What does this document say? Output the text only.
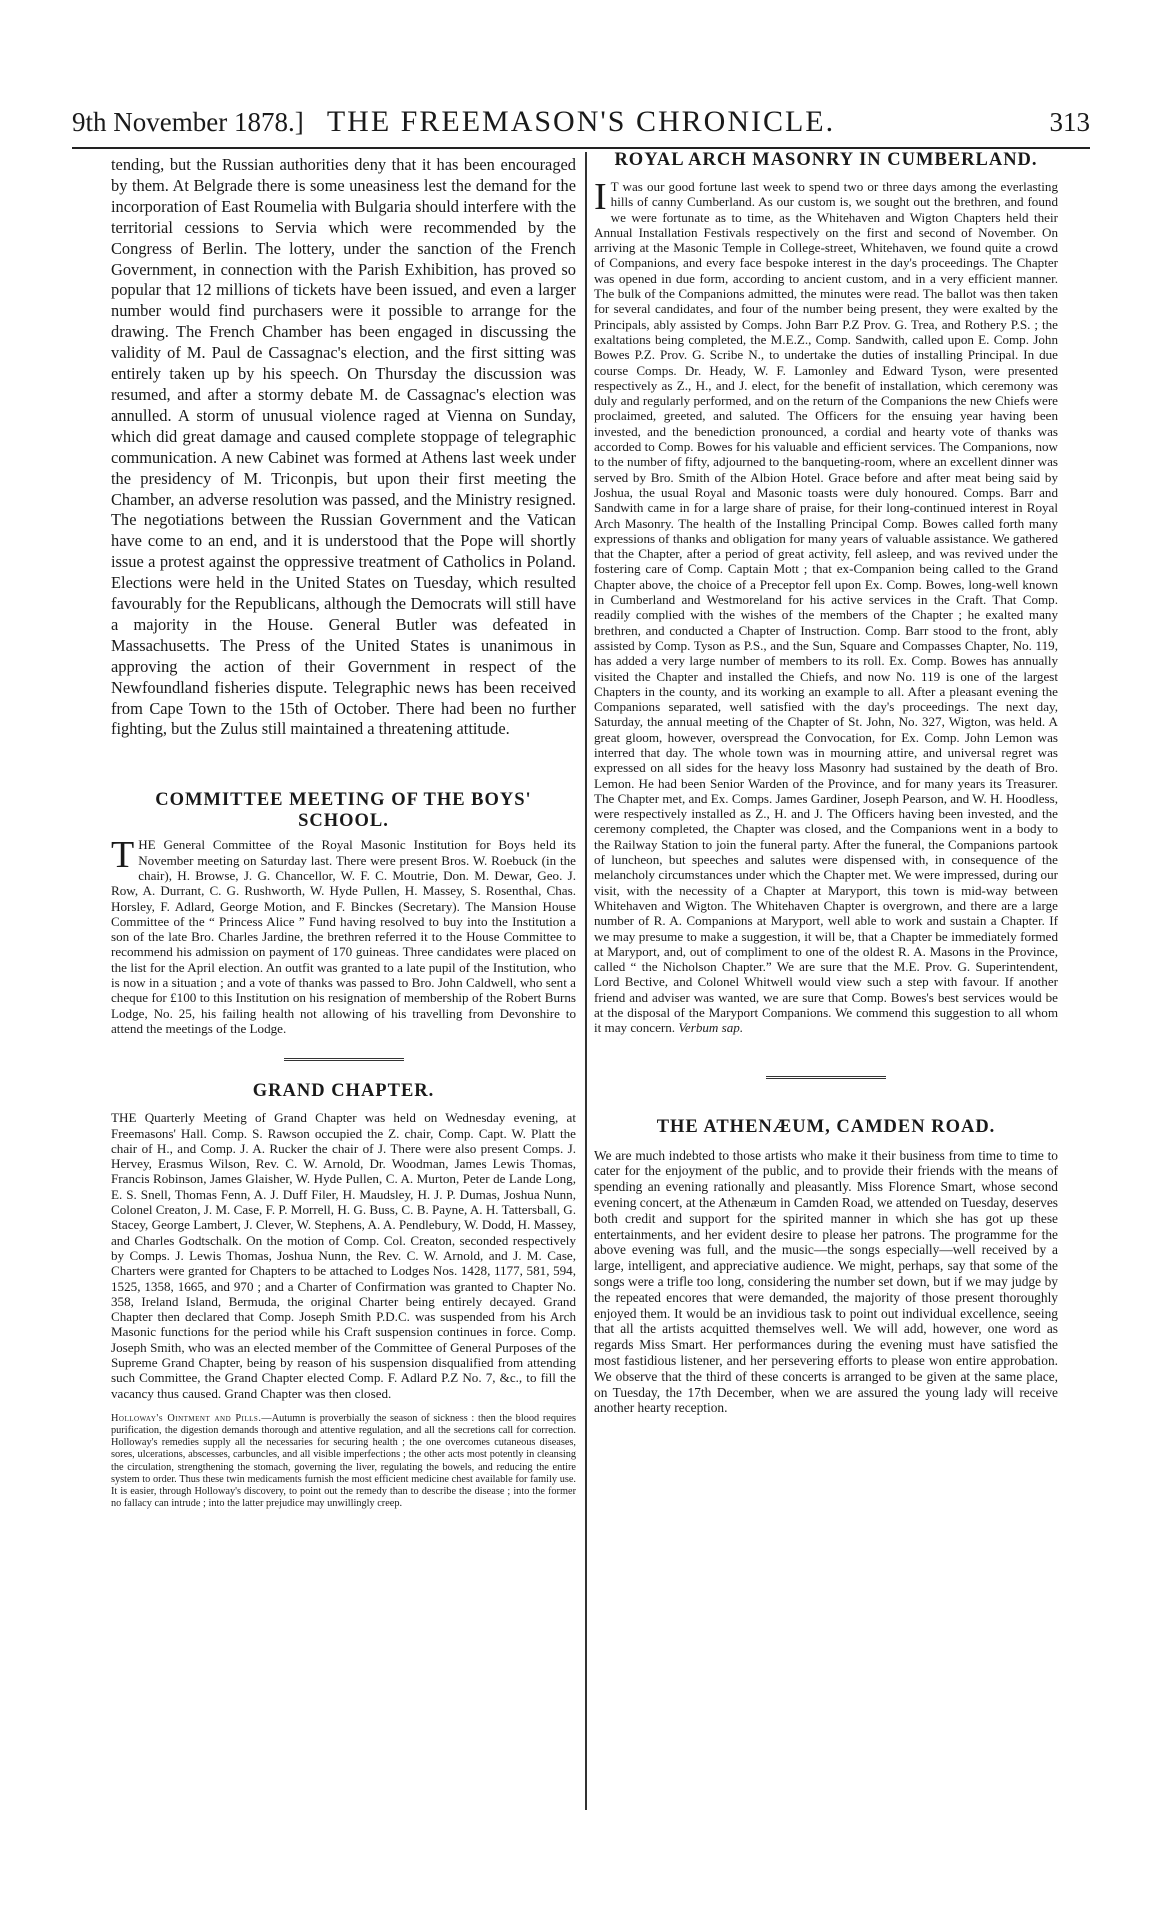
9th November 1878.] THE FREEMASON'S CHRONICLE.	313

tending, but the Russian authorities deny that it has been encouraged by them. At Belgrade there is some uneasiness lest the demand for the incorporation of East Roumelia with Bulgaria should interfere with the territorial cessions to Servia which were recommended by the Congress of Berlin. The lottery, under the sanction of the French Government, in connection with the Parish Exhibition, has proved so popular that 12 millions of tickets have been issued, and even a larger number would find purchasers were it possible to arrange for the drawing. The French Chamber has been engaged in discussing the validity of M. Paul de Cassagnac's election, and the first sitting was entirely taken up by his speech. On Thursday the discussion was resumed, and after a stormy debate M. de Cassagnac's election was annulled. A storm of unusual violence raged at Vienna on Sunday, which did great damage and caused complete stoppage of telegraphic communication. A new Cabinet was formed at Athens last week under the presidency of M. Triconpis, but upon their first meeting the Chamber, an adverse resolution was passed, and the Ministry resigned. The negotiations between the Russian Government and the Vatican have come to an end, and it is understood that the Pope will shortly issue a protest against the oppressive treatment of Catholics in Poland. Elections were held in the United States on Tuesday, which resulted favourably for the Republicans, although the Democrats will still have a majority in the House. General Butler was defeated in Massachusetts. The Press of the United States is unanimous in approving the action of their Government in respect of the Newfoundland fisheries dispute. Telegraphic news has been received from Cape Town to the 15th of October. There had been no further fighting, but the Zulus still maintained a threatening attitude.

COMMITTEE MEETING OF THE BOYS' SCHOOL.

THE General Committee of the Royal Masonic Institution for Boys held its November meeting on Saturday last. There were present Bros. W. Roebuck (in the chair), H. Browse, J. G. Chancellor, W. F. C. Moutrie, Don. M. Dewar, Geo. J. Row, A. Durrant, C. G. Rushworth, W. Hyde Pullen, H. Massey, S. Rosenthal, Chas. Horsley, F. Adlard, George Motion, and F. Binckes (Secretary). The Mansion House Committee of the “ Princess Alice ” Fund having resolved to buy into the Institution a son of the late Bro. Charles Jardine, the brethren referred it to the House Committee to recommend his admission on payment of 170 guineas. Three candidates were placed on the list for the April election. An outfit was granted to a late pupil of the Institution, who is now in a situation ; and a vote of thanks was passed to Bro. John Caldwell, who sent a cheque for £100 to this Institution on his resignation of membership of the Robert Burns Lodge, No. 25, his failing health not allowing of his travelling from Devonshire to attend the meetings of the Lodge.

GRAND CHAPTER.

THE Quarterly Meeting of Grand Chapter was held on Wednesday evening, at Freemasons' Hall. Comp. S. Rawson occupied the Z. chair, Comp. Capt. W. Platt the chair of H., and Comp. J. A. Rucker the chair of J. There were also present Comps. J. Hervey, Erasmus Wilson, Rev. C. W. Arnold, Dr. Woodman, James Lewis Thomas, Francis Robinson, James Glaisher, W. Hyde Pullen, C. A. Murton, Peter de Lande Long, E. S. Snell, Thomas Fenn, A. J. Duff Filer, H. Maudsley, H. J. P. Dumas, Joshua Nunn, Colonel Creaton, J. M. Case, F. P. Morrell, H. G. Buss, C. B. Payne, A. H. Tattersball, G. Stacey, George Lambert, J. Clever, W. Stephens, A. A. Pendlebury, W. Dodd, H. Massey, and Charles Godtschalk. On the motion of Comp. Col. Creaton, seconded respectively by Comps. J. Lewis Thomas, Joshua Nunn, the Rev. C. W. Arnold, and J. M. Case, Charters were granted for Chapters to be attached to Lodges Nos. 1428, 1177, 581, 594, 1525, 1358, 1665, and 970 ; and a Charter of Confirmation was granted to Chapter No. 358, Ireland Island, Bermuda, the original Charter being entirely decayed. Grand Chapter then declared that Comp. Joseph Smith P.D.C. was suspended from his Arch Masonic functions for the period while his Craft suspension continues in force. Comp. Joseph Smith, who was an elected member of the Committee of General Purposes of the Supreme Grand Chapter, being by reason of his suspension disqualified from attending such Committee, the Grand Chapter elected Comp. F. Adlard P.Z No. 7, &c., to fill the vacancy thus caused. Grand Chapter was then closed.

Holloway's Ointment and Pills.—Autumn is proverbially the season of sickness : then the blood requires purification, the digestion demands thorough and attentive regulation, and all the secretions call for correction. Holloway's remedies supply all the necessaries for securing health ; the one overcomes cutaneous diseases, sores, ulcerations, abscesses, carbuncles, and all visible imperfections ; the other acts most potently in cleansing the circulation, strengthening the stomach, governing the liver, regulating the bowels, and reducing the entire system to order. Thus these twin medicaments furnish the most efficient medicine chest available for family use. It is easier, through Holloway's discovery, to point out the remedy than to describe the disease ; into the former no fallacy can intrude ; into the latter prejudice may unwillingly creep.

ROYAL ARCH MASONRY IN CUMBERLAND.

I T was our good fortune last week to spend two or three days among the everlasting hills of canny Cumberland. As our custom is, we sought out the brethren, and found we were fortunate as to time, as the Whitehaven and Wigton Chapters held their Annual Installation Festivals respectively on the first and second of November. On arriving at the Masonic Temple in College-street, Whitehaven, we found quite a crowd of Companions, and every face bespoke interest in the day's proceedings. The Chapter was opened in due form, according to ancient custom, and in a very efficient manner. The bulk of the Companions admitted, the minutes were read. The ballot was then taken for several candidates, and four of the number being present, they were exalted by the Principals, ably assisted by Comps. John Barr P.Z Prov. G. Trea, and Rothery P.S. ; the exaltations being completed, the M.E.Z., Comp. Sandwith, called upon E. Comp. John Bowes P.Z. Prov. G. Scribe N., to undertake the duties of installing Principal. In due course Comps. Dr. Heady, W. F. Lamonley and Edward Tyson, were presented respectively as Z., H., and J. elect, for the benefit of installation, which ceremony was duly and regularly performed, and on the return of the Companions the new Chiefs were proclaimed, greeted, and saluted. The Officers for the ensuing year having been invested, and the benediction pronounced, a cordial and hearty vote of thanks was accorded to Comp. Bowes for his valuable and efficient services. The Companions, now to the number of fifty, adjourned to the banqueting-room, where an excellent dinner was served by Bro. Smith of the Albion Hotel. Grace before and after meat being said by Joshua, the usual Royal and Masonic toasts were duly honoured. Comps. Barr and Sandwith came in for a large share of praise, for their long-continued interest in Royal Arch Masonry. The health of the Installing Principal Comp. Bowes called forth many expressions of thanks and obligation for many years of valuable assistance. We gathered that the Chapter, after a period of great activity, fell asleep, and was revived under the fostering care of Comp. Captain Mott ; that ex-Companion being called to the Grand Chapter above, the choice of a Preceptor fell upon Ex. Comp. Bowes, long-well known in Cumberland and Westmoreland for his active services in the Craft. That Comp. readily complied with the wishes of the members of the Chapter ; he exalted many brethren, and conducted a Chapter of Instruction. Comp. Barr stood to the front, ably assisted by Comp. Tyson as P.S., and the Sun, Square and Compasses Chapter, No. 119, has added a very large number of members to its roll. Ex. Comp. Bowes has annually visited the Chapter and installed the Chiefs, and now No. 119 is one of the largest Chapters in the county, and its working an example to all. After a pleasant evening the Companions separated, well satisfied with the day's proceedings. The next day, Saturday, the annual meeting of the Chapter of St. John, No. 327, Wigton, was held. A great gloom, however, overspread the Convocation, for Ex. Comp. John Lemon was interred that day. The whole town was in mourning attire, and universal regret was expressed on all sides for the heavy loss Masonry had sustained by the death of Bro. Lemon. He had been Senior Warden of the Province, and for many years its Treasurer. The Chapter met, and Ex. Comps. James Gardiner, Joseph Pearson, and W. H. Hoodless, were respectively installed as Z., H. and J. The Officers having been invested, and the ceremony completed, the Chapter was closed, and the Companions went in a body to the Railway Station to join the funeral party. After the funeral, the Companions partook of luncheon, but speeches and salutes were dispensed with, in consequence of the melancholy circumstances under which the Chapter met. We were impressed, during our visit, with the necessity of a Chapter at Maryport, this town is mid-way between Whitehaven and Wigton. The Whitehaven Chapter is overgrown, and there are a large number of R. A. Companions at Maryport, well able to work and sustain a Chapter. If we may presume to make a suggestion, it will be, that a Chapter be immediately formed at Maryport, and, out of compliment to one of the oldest R. A. Masons in the Province, called “ the Nicholson Chapter.” We are sure that the M.E. Prov. G. Superintendent, Lord Bective, and Colonel Whitwell would view such a step with favour. If another friend and adviser was wanted, we are sure that Comp. Bowes's best services would be at the disposal of the Maryport Companions. We commend this suggestion to all whom it may concern. Verbum sap.

THE ATHENÆUM, CAMDEN ROAD.

We are much indebted to those artists who make it their business from time to time to cater for the enjoyment of the public, and to provide their friends with the means of spending an evening rationally and pleasantly. Miss Florence Smart, whose second evening concert, at the Athenæum in Camden Road, we attended on Tuesday, deserves both credit and support for the spirited manner in which she has got up these entertainments, and her evident desire to please her patrons. The programme for the above evening was full, and the music—the songs especially—well received by a large, intelligent, and appreciative audience. We might, perhaps, say that some of the songs were a trifle too long, considering the number set down, but if we may judge by the repeated encores that were demanded, the majority of those present thoroughly enjoyed them. It would be an invidious task to point out individual excellence, seeing that all the artists acquitted themselves well. We will add, however, one word as regards Miss Smart. Her performances during the evening must have satisfied the most fastidious listener, and her persevering efforts to please won entire approbation. We observe that the third of these concerts is arranged to be given at the same place, on Tuesday, the 17th December, when we are assured the young lady will receive another hearty reception.
